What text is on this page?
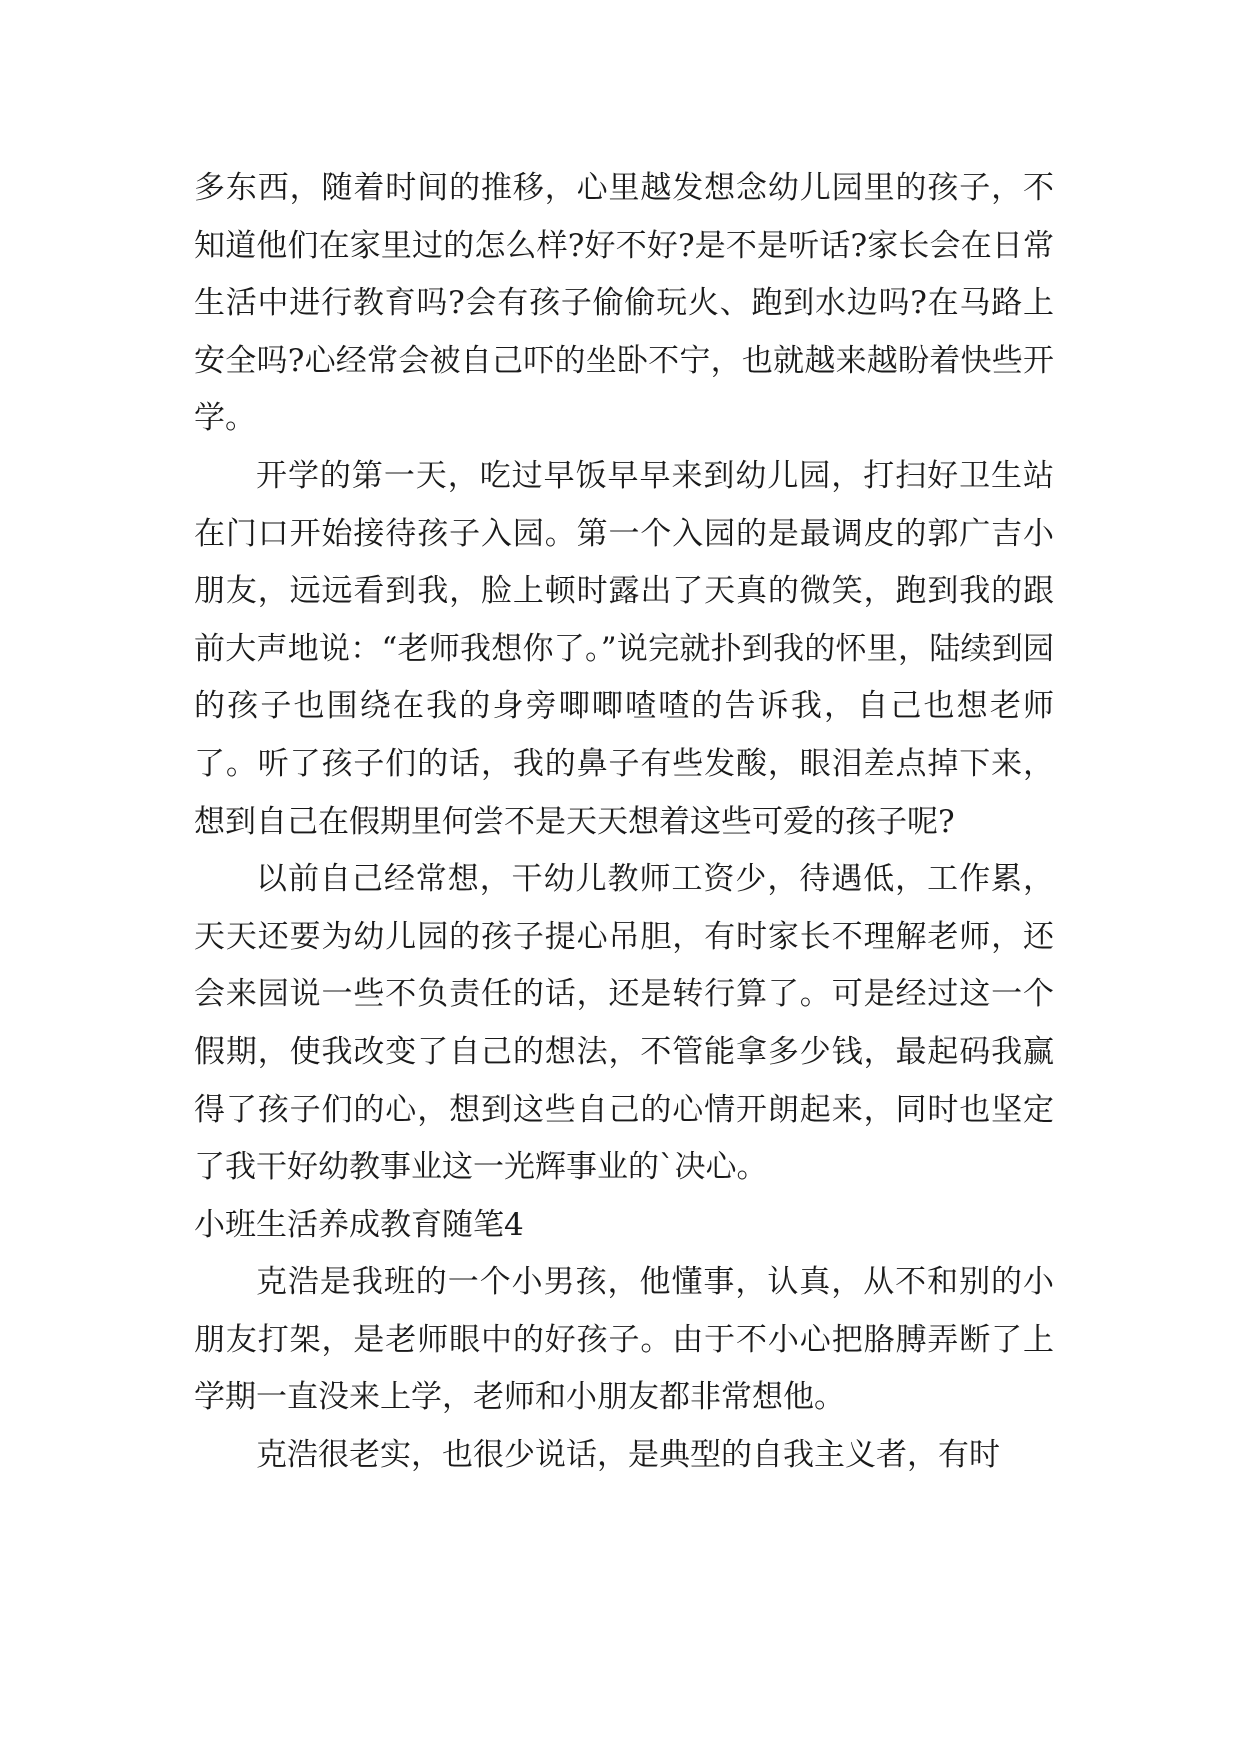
多东西，随着时间的推移，心里越发想念幼儿园里的孩子，不知道他们在家里过的怎么样?好不好?是不是听话?家长会在日常生活中进行教育吗?会有孩子偷偷玩火、跑到水边吗?在马路上安全吗?心经常会被自己吓的坐卧不宁，也就越来越盼着快些开学。

开学的第一天，吃过早饭早早来到幼儿园，打扫好卫生站在门口开始接待孩子入园。第一个入园的是最调皮的郭广吉小朋友，远远看到我，脸上顿时露出了天真的微笑，跑到我的跟前大声地说：“老师我想你了。”说完就扑到我的怀里，陆续到园的孩子也围绕在我的身旁唧唧喳喳的告诉我，自己也想老师了。听了孩子们的话，我的鼻子有些发酸，眼泪差点掉下来，想到自己在假期里何尝不是天天想着这些可爱的孩子呢?

以前自己经常想，干幼儿教师工资少，待遇低，工作累，天天还要为幼儿园的孩子提心吊胆，有时家长不理解老师，还会来园说一些不负责任的话，还是转行算了。可是经过这一个假期，使我改变了自己的想法，不管能拿多少钱，最起码我赢得了孩子们的心，想到这些自己的心情开朗起来，同时也坚定了我干好幼教事业这一光辉事业的`决心。

小班生活养成教育随笔4

克浩是我班的一个小男孩，他懂事，认真，从不和别的小朋友打架，是老师眼中的好孩子。由于不小心把胳膊弄断了上学期一直没来上学，老师和小朋友都非常想他。

克浩很老实，也很少说话，是典型的自我主义者，有时
